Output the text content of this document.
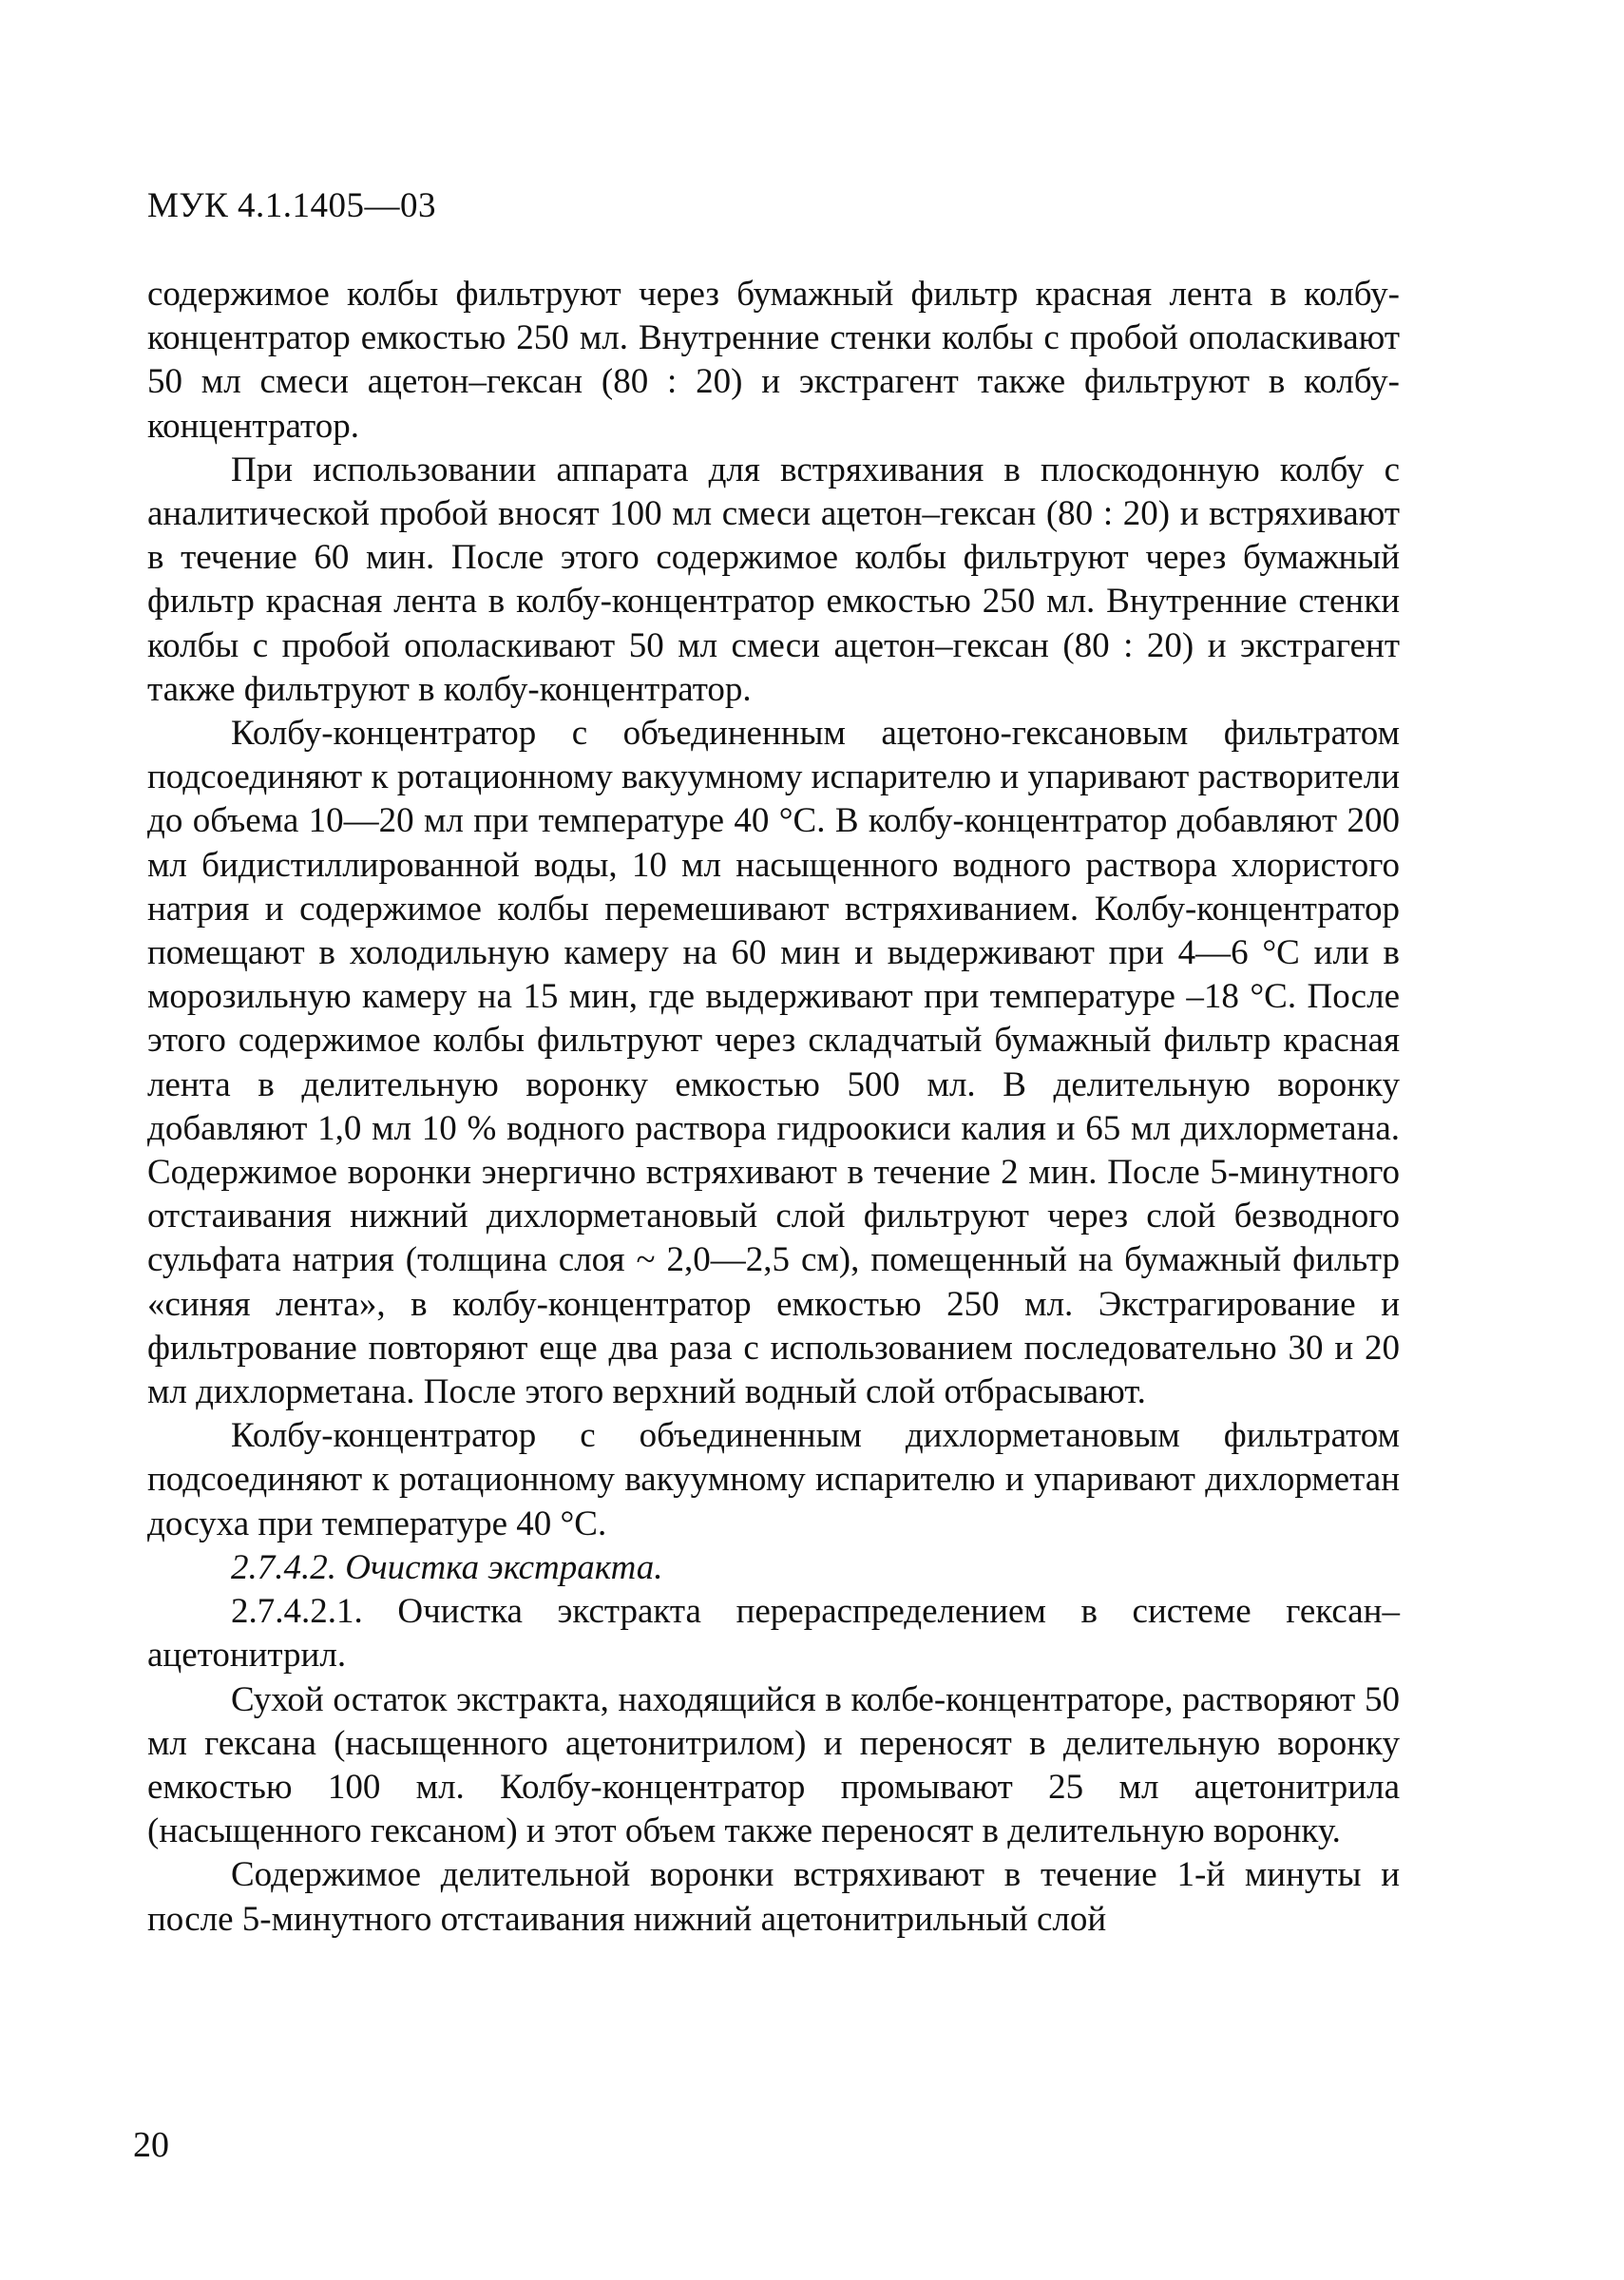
МУК 4.1.1405—03

содержимое колбы фильтруют через бумажный фильтр красная лента в колбу-концентратор емкостью 250 мл. Внутренние стенки колбы с пробой ополаскивают 50 мл смеси ацетон–гексан (80 : 20) и экстрагент также фильтруют в колбу-концентратор.

При использовании аппарата для встряхивания в плоскодонную колбу с аналитической пробой вносят 100 мл смеси ацетон–гексан (80 : 20) и встряхивают в течение 60 мин. После этого содержимое колбы фильтруют через бумажный фильтр красная лента в колбу-концентратор емкостью 250 мл. Внутренние стенки колбы с пробой ополаскивают 50 мл смеси ацетон–гексан (80 : 20) и экстрагент также фильтруют в колбу-концентратор.

Колбу-концентратор с объединенным ацетоно-гексановым фильтратом подсоединяют к ротационному вакуумному испарителю и упаривают растворители до объема 10—20 мл при температуре 40 °С. В колбу-концентратор добавляют 200 мл бидистиллированной воды, 10 мл насыщенного водного раствора хлористого натрия и содержимое колбы перемешивают встряхиванием. Колбу-концентратор помещают в холодильную камеру на 60 мин и выдерживают при 4—6 °С или в морозильную камеру на 15 мин, где выдерживают при температуре –18 °С. После этого содержимое колбы фильтруют через складчатый бумажный фильтр красная лента в делительную воронку емкостью 500 мл. В делительную воронку добавляют 1,0 мл 10 % водного раствора гидроокиси калия и 65 мл дихлорметана. Содержимое воронки энергично встряхивают в течение 2 мин. После 5-минутного отстаивания нижний дихлорметановый слой фильтруют через слой безводного сульфата натрия (толщина слоя ~ 2,0—2,5 см), помещенный на бумажный фильтр «синяя лента», в колбу-концентратор емкостью 250 мл. Экстрагирование и фильтрование повторяют еще два раза с использованием последовательно 30 и 20 мл дихлорметана. После этого верхний водный слой отбрасывают.

Колбу-концентратор с объединенным дихлорметановым фильтратом подсоединяют к ротационному вакуумному испарителю и упаривают дихлорметан досуха при температуре 40 °С.

2.7.4.2. Очистка экстракта.

2.7.4.2.1. Очистка экстракта перераспределением в системе гексан–ацетонитрил.

Сухой остаток экстракта, находящийся в колбе-концентраторе, растворяют 50 мл гексана (насыщенного ацетонитрилом) и переносят в делительную воронку емкостью 100 мл. Колбу-концентратор промывают 25 мл ацетонитрила (насыщенного гексаном) и этот объем также переносят в делительную воронку.

Содержимое делительной воронки встряхивают в течение 1-й минуты и после 5-минутного отстаивания нижний ацетонитрильный слой

20
